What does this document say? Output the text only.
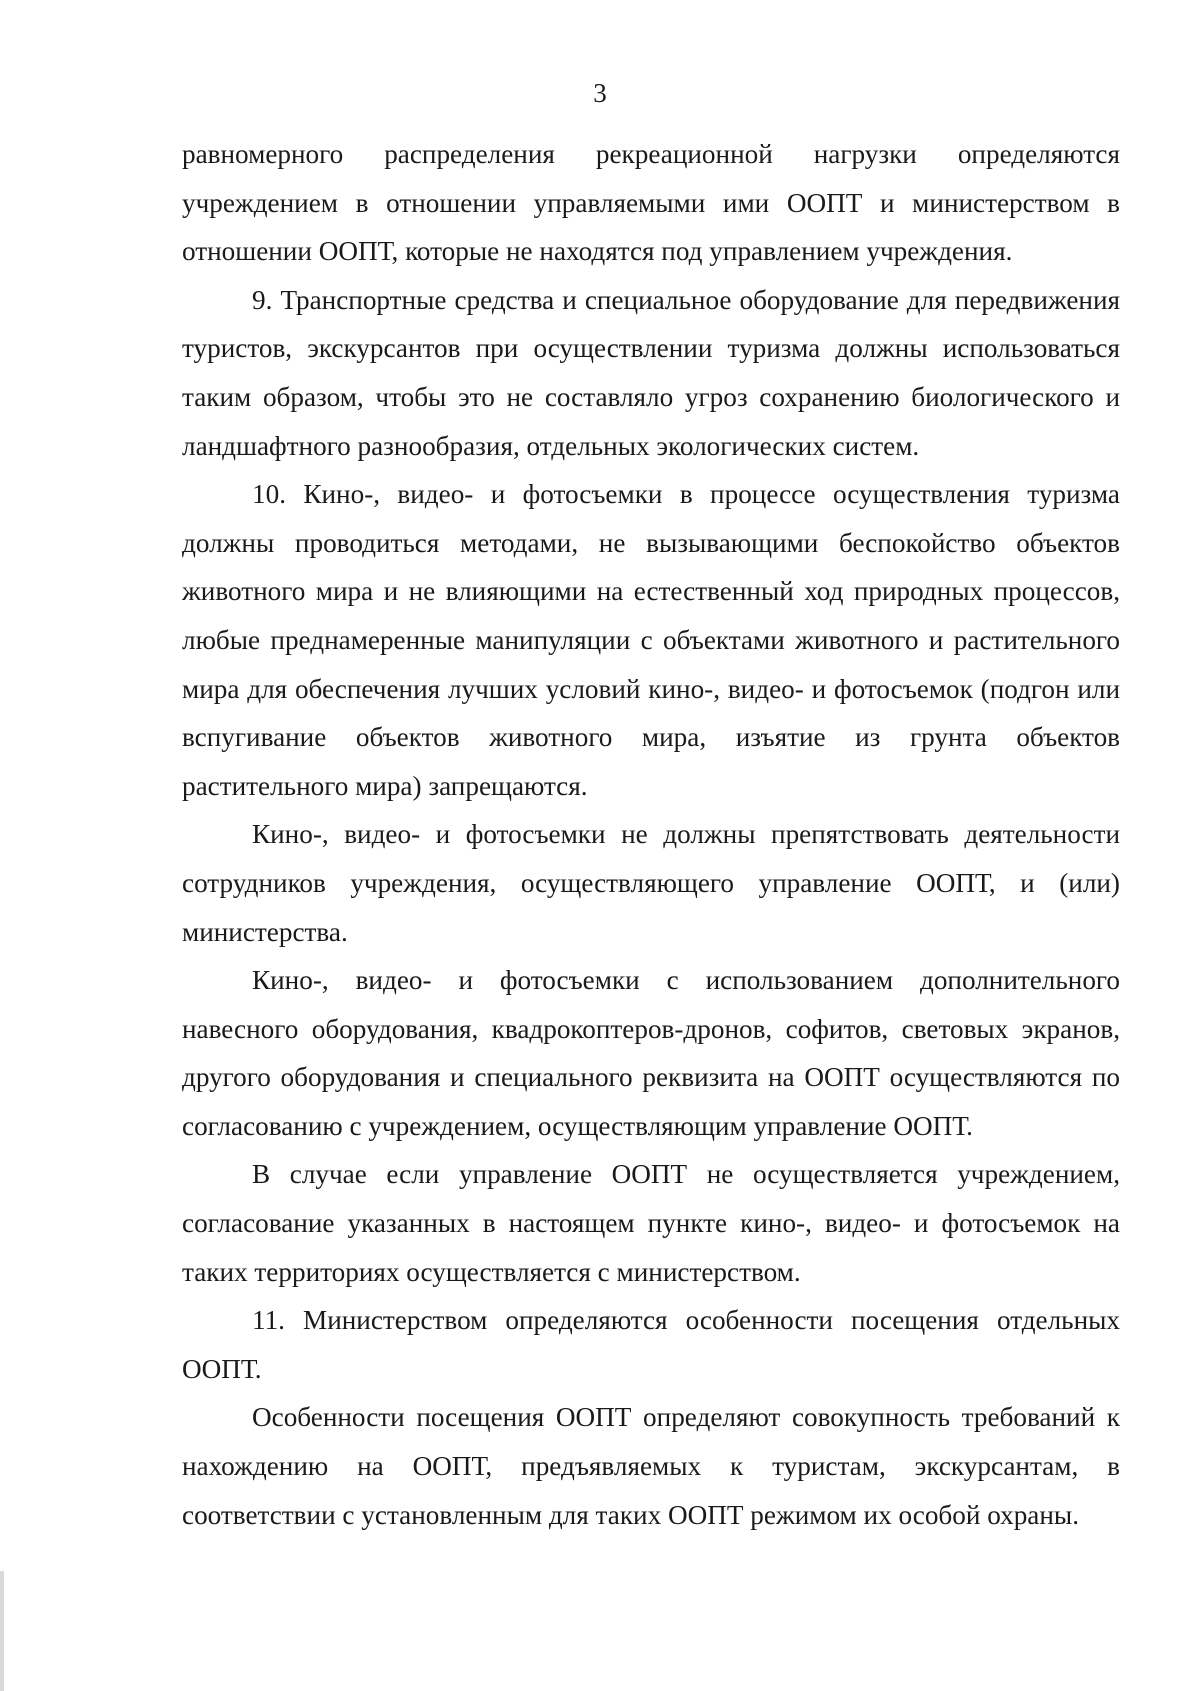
3

равномерного распределения рекреационной нагрузки определяются учреждением в отношении управляемыми ими ООПТ и министерством в отношении ООПТ, которые не находятся под управлением учреждения.

9. Транспортные средства и специальное оборудование для передвижения туристов, экскурсантов при осуществлении туризма должны использоваться таким образом, чтобы это не составляло угроз сохранению биологического и ландшафтного разнообразия, отдельных экологических систем.

10. Кино-, видео- и фотосъемки в процессе осуществления туризма должны проводиться методами, не вызывающими беспокойство объектов животного мира и не влияющими на естественный ход природных процессов, любые преднамеренные манипуляции с объектами животного и растительного мира для обеспечения лучших условий кино-, видео- и фотосъемок (подгон или вспугивание объектов животного мира, изъятие из грунта объектов растительного мира) запрещаются.

Кино-, видео- и фотосъемки не должны препятствовать деятельности сотрудников учреждения, осуществляющего управление ООПТ, и (или) министерства.

Кино-, видео- и фотосъемки с использованием дополнительного навесного оборудования, квадрокоптеров-дронов, софитов, световых экранов, другого оборудования и специального реквизита на ООПТ осуществляются по согласованию с учреждением, осуществляющим управление ООПТ.

В случае если управление ООПТ не осуществляется учреждением, согласование указанных в настоящем пункте кино-, видео- и фотосъемок на таких территориях осуществляется с министерством.

11. Министерством определяются особенности посещения отдельных ООПТ.

Особенности посещения ООПТ определяют совокупность требований к нахождению на ООПТ, предъявляемых к туристам, экскурсантам, в соответствии с установленным для таких ООПТ режимом их особой охраны.
